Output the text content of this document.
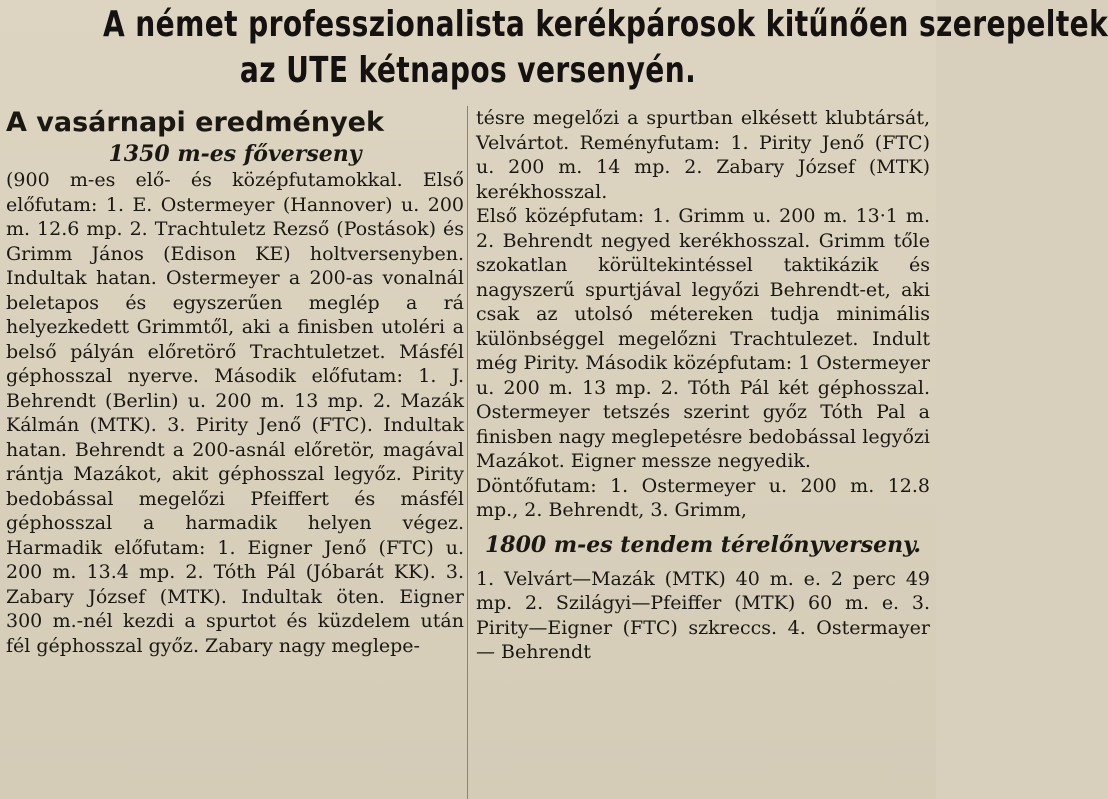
A német professzionalista kerékpárosok kitűnően szerepeltek
az UTE kétnapos versenyén.

A vasárnapi eredmények

1350 m-es főverseny

(900 m-es elő- és középfutamokkal. Első előfutam: 1. E. Ostermeyer (Hannover) u. 200 m. 12.6 mp. 2. Trachtuletz Rezső (Postások) és Grimm János (Edison KE) holtversenyben. Indultak hatan. Ostermeyer a 200-as vonalnál beletapos és egyszerűen meglép a rá helyezkedett Grimmtől, aki a finisben utoléri a belső pályán előretörő Trachtuletzet. Másfél géphosszal nyerve. Második előfutam: 1. J. Behrendt (Berlin) u. 200 m. 13 mp. 2. Mazák Kálmán (MTK). 3. Pirity Jenő (FTC). Indultak hatan. Behrendt a 200-asnál előretör, magával rántja Mazákot, akit géphosszal legyőz. Pirity bedobással megelőzi Pfeiffert és másfél géphosszal a harmadik helyen végez. Harmadik előfutam: 1. Eigner Jenő (FTC) u. 200 m. 13.4 mp. 2. Tóth Pál (Jóbarát KK). 3. Zabary József (MTK). Indultak öten. Eigner 300 m.-nél kezdi a spurtot és küzdelem után fél géphosszal győz. Zabary nagy meglepe-

tésre megelőzi a spurtban elkésett klubtársát, Velvártot. Reményfutam: 1. Pirity Jenő (FTC) u. 200 m. 14 mp. 2. Zabary József (MTK) kerékhosszal.

Első középfutam: 1. Grimm u. 200 m. 13·1 m. 2. Behrendt negyed kerékhosszal. Grimm tőle szokatlan körültekintéssel taktikázik és nagyszerű spurtjával legyőzi Behrendt-et, aki csak az utolsó métereken tudja minimális különbséggel megelőzni Trachtulezet. Indult még Pirity. Második középfutam: 1 Ostermeyer u. 200 m. 13 mp. 2. Tóth Pál két géphosszal. Ostermeyer tetszés szerint győz Tóth Pal a finisben nagy meglepetésre bedobással legyőzi Mazákot. Eigner messze negyedik.

Döntőfutam: 1. Ostermeyer u. 200 m. 12.8 mp., 2. Behrendt, 3. Grimm,

1800 m-es tendem térelőnyverseny.

1. Velvárt—Mazák (MTK) 40 m. e. 2 perc 49 mp. 2. Szilágyi—Pfeiffer (MTK) 60 m. e. 3. Pirity—Eigner (FTC) szkreccs. 4. Ostermayer — Behrendt
